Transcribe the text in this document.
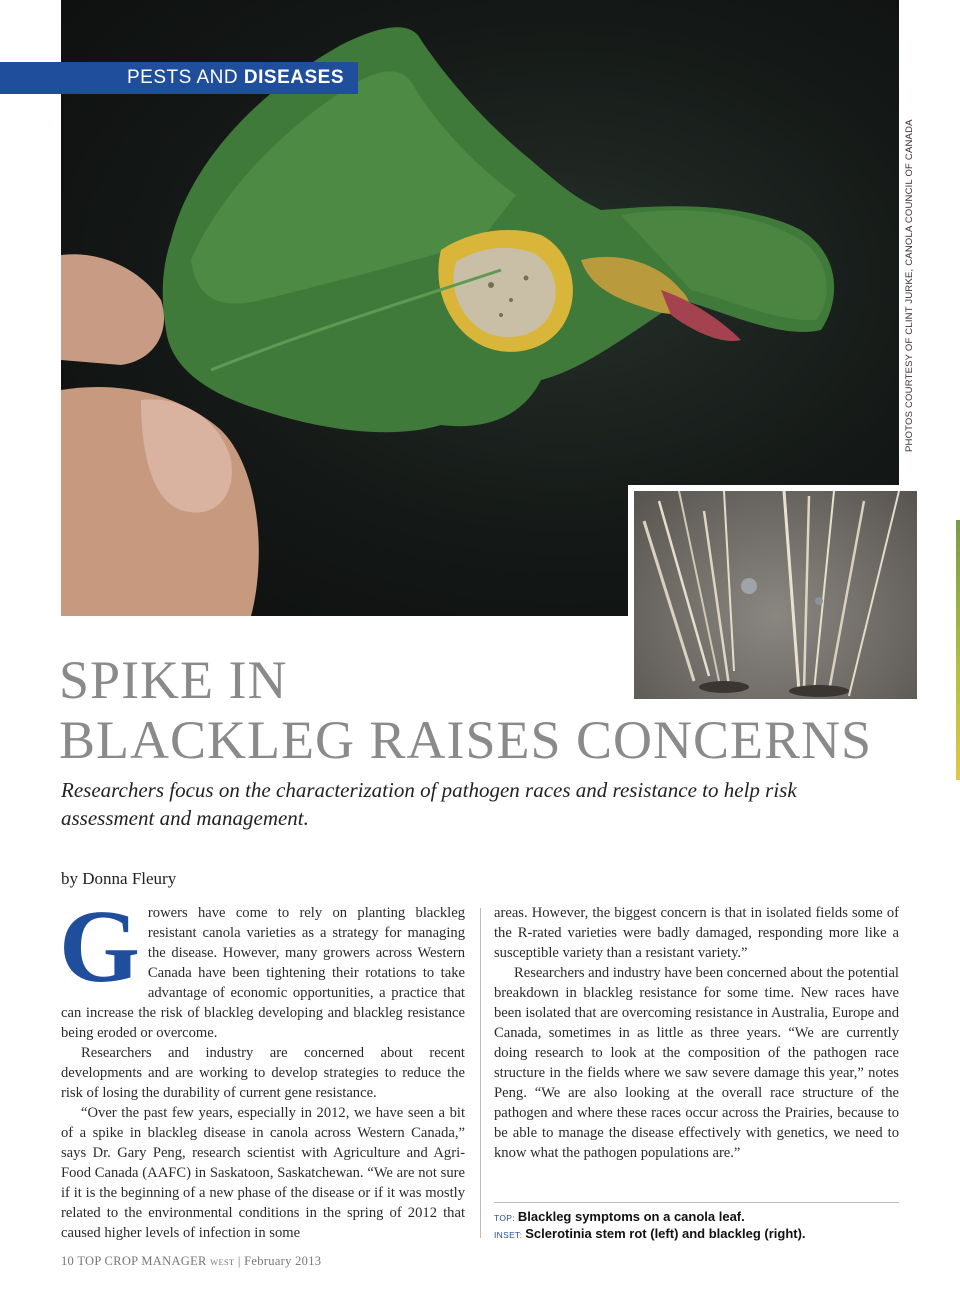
PESTS AND DISEASES
PHOTOS COURTESY OF CLINT JURKE, CANOLA COUNCIL OF CANADA
SPIKE IN
BLACKLEG RAISES CONCERNS

Researchers focus on the characterization of pathogen races and resistance to help risk assessment and management.

by Donna Fleury

Growers have come to rely on planting blackleg resistant canola varieties as a strategy for managing the disease. However, many growers across Western Canada have been tightening their rotations to take advantage of economic opportunities, a practice that can increase the risk of blackleg developing and blackleg resistance being eroded or overcome.

Researchers and industry are concerned about recent developments and are working to develop strategies to reduce the risk of losing the durability of current gene resistance.

“Over the past few years, especially in 2012, we have seen a bit of a spike in blackleg disease in canola across Western Canada,” says Dr. Gary Peng, research scientist with Agriculture and Agri-Food Canada (AAFC) in Saskatoon, Saskatchewan. “We are not sure if it is the beginning of a new phase of the disease or if it was mostly related to the environmental conditions in the spring of 2012 that caused higher levels of infection in some

areas. However, the biggest concern is that in isolated fields some of the R-rated varieties were badly damaged, responding more like a susceptible variety than a resistant variety.”

Researchers and industry have been concerned about the potential breakdown in blackleg resistance for some time. New races have been isolated that are overcoming resistance in Australia, Europe and Canada, sometimes in as little as three years. “We are currently doing research to look at the composition of the pathogen race structure in the fields where we saw severe damage this year,” notes Peng. “We are also looking at the overall race structure of the pathogen and where these races occur across the Prairies, because to be able to manage the disease effectively with genetics, we need to know what the pathogen populations are.”

TOP: Blackleg symptoms on a canola leaf.
INSET: Sclerotinia stem rot (left) and blackleg (right).
10 TOP CROP MANAGER WEST | February 2013
